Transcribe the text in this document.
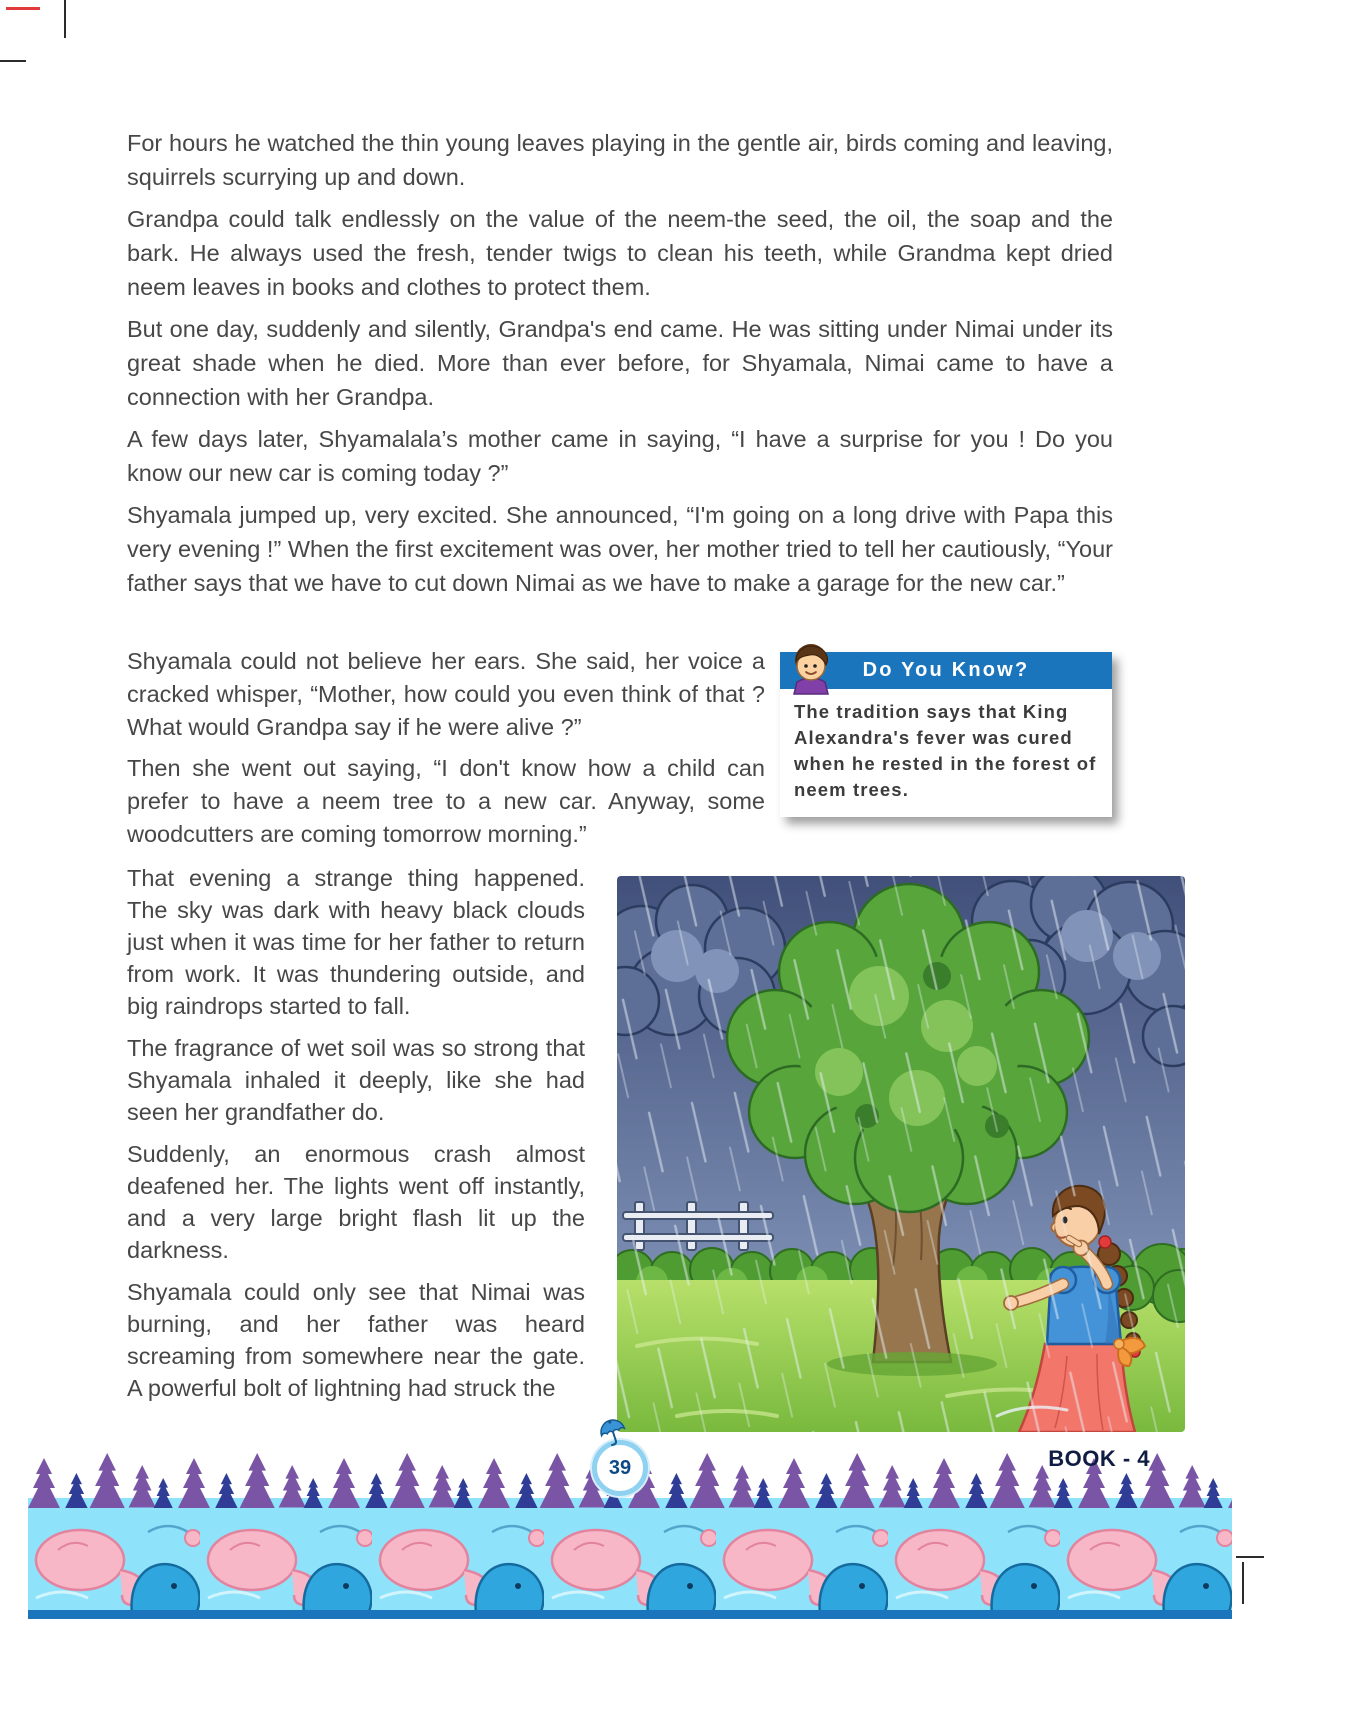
For hours he watched the thin young leaves playing in the gentle air, birds coming and leaving, squirrels scurrying up and down.

Grandpa could talk endlessly on the value of the neem-the seed, the oil, the soap and the bark. He always used the fresh, tender twigs to clean his teeth, while Grandma kept dried neem leaves in books and clothes to protect them.

But one day, suddenly and silently, Grandpa's end came. He was sitting under Nimai under its great shade when he died. More than ever before, for Shyamala, Nimai came to have a connection with her Grandpa.

A few days later, Shyamalala’s mother came in saying, “I have a surprise for you ! Do you know our new car is coming today ?”

Shyamala jumped up, very excited. She announced, “I'm going on a long drive with Papa this very evening !” When the first excitement was over, her mother tried to tell her cautiously, “Your father says that we have to cut down Nimai as we have to make a garage for the new car.”

Do You Know?
The tradition says that King Alexandra's fever was cured when he rested in the forest of neem trees.

Shyamala could not believe her ears. She said, her voice a cracked whisper, “Mother, how could you even think of that ? What would Grandpa say if he were alive ?”

Then she went out saying, “I don't know how a child can prefer to have a neem tree to a new car. Anyway, some woodcutters are coming tomorrow morning.”

That evening a strange thing happened. The sky was dark with heavy black clouds just when it was time for her father to return from work. It was thundering outside, and big raindrops started to fall.

The fragrance of wet soil was so strong that Shyamala inhaled it deeply, like she had seen her grandfather do.

Suddenly, an enormous crash almost deafened her. The lights went off instantly, and a very large bright flash lit up the darkness.

Shyamala could only see that Nimai was burning, and her father was heard screaming from somewhere near the gate. A powerful bolt of lightning had struck the

39	BOOK - 4
